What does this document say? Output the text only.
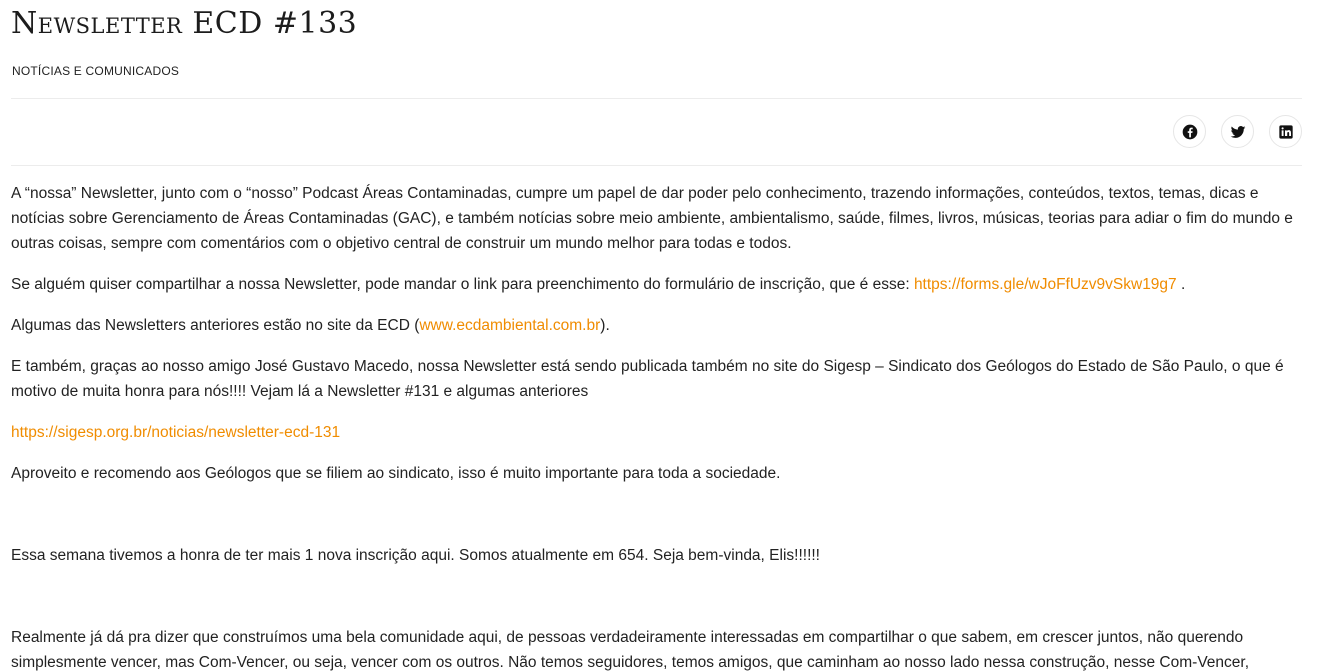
Newsletter ECD #133
NOTÍCIAS E COMUNICADOS

A “nossa” Newsletter, junto com o “nosso” Podcast Áreas Contaminadas, cumpre um papel de dar poder pelo conhecimento, trazendo informações, conteúdos, textos, temas, dicas e notícias sobre Gerenciamento de Áreas Contaminadas (GAC), e também notícias sobre meio ambiente, ambientalismo, saúde, filmes, livros, músicas, teorias para adiar o fim do mundo e outras coisas, sempre com comentários com o objetivo central de construir um mundo melhor para todas e todos.

Se alguém quiser compartilhar a nossa Newsletter, pode mandar o link para preenchimento do formulário de inscrição, que é esse: https://forms.gle/wJoFfUzv9vSkw19g7 .

Algumas das Newsletters anteriores estão no site da ECD (www.ecdambiental.com.br).

E também, graças ao nosso amigo José Gustavo Macedo, nossa Newsletter está sendo publicada também no site do Sigesp – Sindicato dos Geólogos do Estado de São Paulo, o que é motivo de muita honra para nós!!!! Vejam lá a Newsletter #131 e algumas anteriores

https://sigesp.org.br/noticias/newsletter-ecd-131

Aproveito e recomendo aos Geólogos que se filiem ao sindicato, isso é muito importante para toda a sociedade.

Essa semana tivemos a honra de ter mais 1 nova inscrição aqui. Somos atualmente em 654. Seja bem-vinda, Elis!!!!!!

Realmente já dá pra dizer que construímos uma bela comunidade aqui, de pessoas verdadeiramente interessadas em compartilhar o que sabem, em crescer juntos, não querendo simplesmente vencer, mas Com-Vencer, ou seja, vencer com os outros. Não temos seguidores, temos amigos, que caminham ao nosso lado nessa construção, nesse Com-Vencer,
